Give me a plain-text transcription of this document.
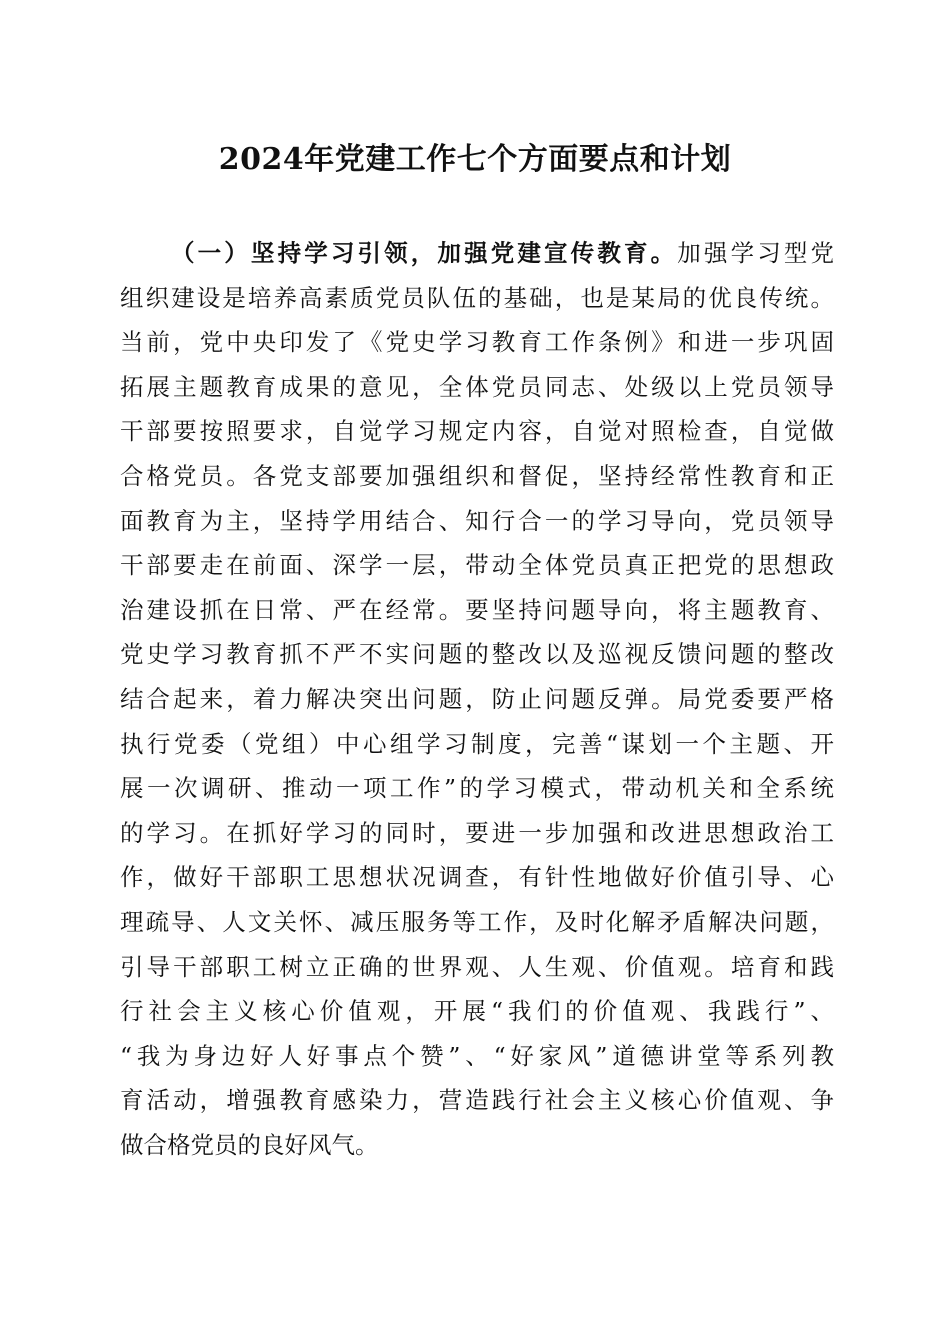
2024年党建工作七个方面要点和计划
（一）坚持学习引领，加强党建宣传教育。加强学习型党
组织建设是培养高素质党员队伍的基础，也是某局的优良传统。
当前，党中央印发了《党史学习教育工作条例》和进一步巩固
拓展主题教育成果的意见，全体党员同志、处级以上党员领导
干部要按照要求，自觉学习规定内容，自觉对照检查，自觉做
合格党员。各党支部要加强组织和督促，坚持经常性教育和正
面教育为主，坚持学用结合、知行合一的学习导向，党员领导
干部要走在前面、深学一层，带动全体党员真正把党的思想政
治建设抓在日常、严在经常。要坚持问题导向，将主题教育、
党史学习教育抓不严不实问题的整改以及巡视反馈问题的整改
结合起来，着力解决突出问题，防止问题反弹。局党委要严格
执行党委（党组）中心组学习制度，完善“谋划一个主题、开
展一次调研、推动一项工作”的学习模式，带动机关和全系统
的学习。在抓好学习的同时，要进一步加强和改进思想政治工
作，做好干部职工思想状况调查，有针性地做好价值引导、心
理疏导、人文关怀、减压服务等工作，及时化解矛盾解决问题，
引导干部职工树立正确的世界观、人生观、价值观。培育和践
行社会主义核心价值观，开展“我们的价值观、我践行”、
“我为身边好人好事点个赞”、“好家风”道德讲堂等系列教
育活动，增强教育感染力，营造践行社会主义核心价值观、争
做合格党员的良好风气。
